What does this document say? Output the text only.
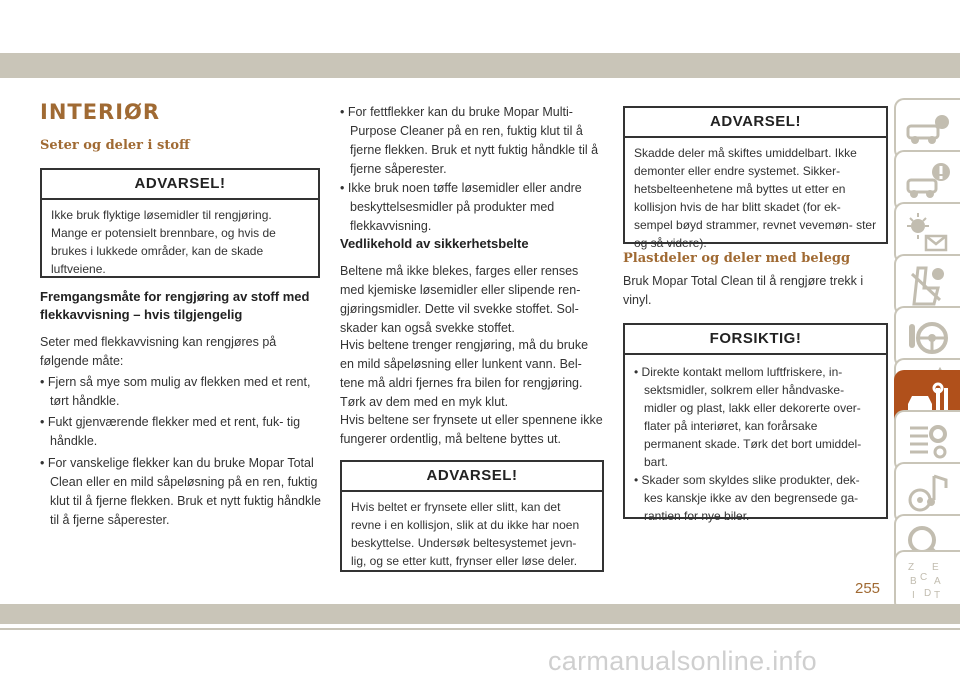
INTERIØR
Seter og deler i stoff
ADVARSEL!
Ikke bruk flyktige løsemidler til rengjøring. Mange er potensielt brennbare, og hvis de brukes i lukkede områder, kan de skade luftveiene.
Fremgangsmåte for rengjøring av stoff med flekkavvisning – hvis tilgjengelig

Seter med flekkavvisning kan rengjøres på følgende måte:

• Fjern så mye som mulig av flekken med et rent, tørt håndkle.

• Fukt gjenværende flekker med et rent, fuk- tig håndkle.

• For vanskelige flekker kan du bruke Mopar Total Clean eller en mild såpeløsning på en ren, fuktig klut til å fjerne flekken. Bruk et nytt fuktig håndkle til å fjerne såperester.

• For fettflekker kan du bruke Mopar Multi- Purpose Cleaner på en ren, fuktig klut til å fjerne flekken. Bruk et nytt fuktig håndkle til å fjerne såperester.

• Ikke bruk noen tøffe løsemidler eller andre beskyttelsesmidler på produkter med flekkavvisning.

Vedlikehold av sikkerhetsbelte

Beltene må ikke blekes, farges eller renses med kjemiske løsemidler eller slipende ren- gjøringsmidler. Dette vil svekke stoffet. Sol- skader kan også svekke stoffet.

Hvis beltene trenger rengjøring, må du bruke en mild såpeløsning eller lunkent vann. Bel- tene må aldri fjernes fra bilen for rengjøring. Tørk av dem med en myk klut.

Hvis beltene ser frynsete ut eller spennene ikke fungerer ordentlig, må beltene byttes ut.

ADVARSEL!
Hvis beltet er frynsete eller slitt, kan det revne i en kollisjon, slik at du ikke har noen beskyttelse. Undersøk beltesystemet jevn- lig, og se etter kutt, frynser eller løse deler.
ADVARSEL!
Skadde deler må skiftes umiddelbart. Ikke demonter eller endre systemet. Sikker- hetsbelteenhetene må byttes ut etter en kollisjon hvis de har blitt skadet (for ek- sempel bøyd strammer, revnet vevemøn- ster og så videre).
Plastdeler og deler med belegg

Bruk Mopar Total Clean til å rengjøre trekk i vinyl.

FORSIKTIG!
• Direkte kontakt mellom luftfriskere, in- sektsmidler, solkrem eller håndvaske- midler og plast, lakk eller dekorerte over- flater på interiøret, kan forårsake permanent skade. Tørk det bort umiddel- bart.
• Skader som skyldes slike produkter, dek- kes kanskje ikke av den begrensede ga- rantien for nye biler.
Z E
B A
C
D
I T
255
carmanualsonline.info
